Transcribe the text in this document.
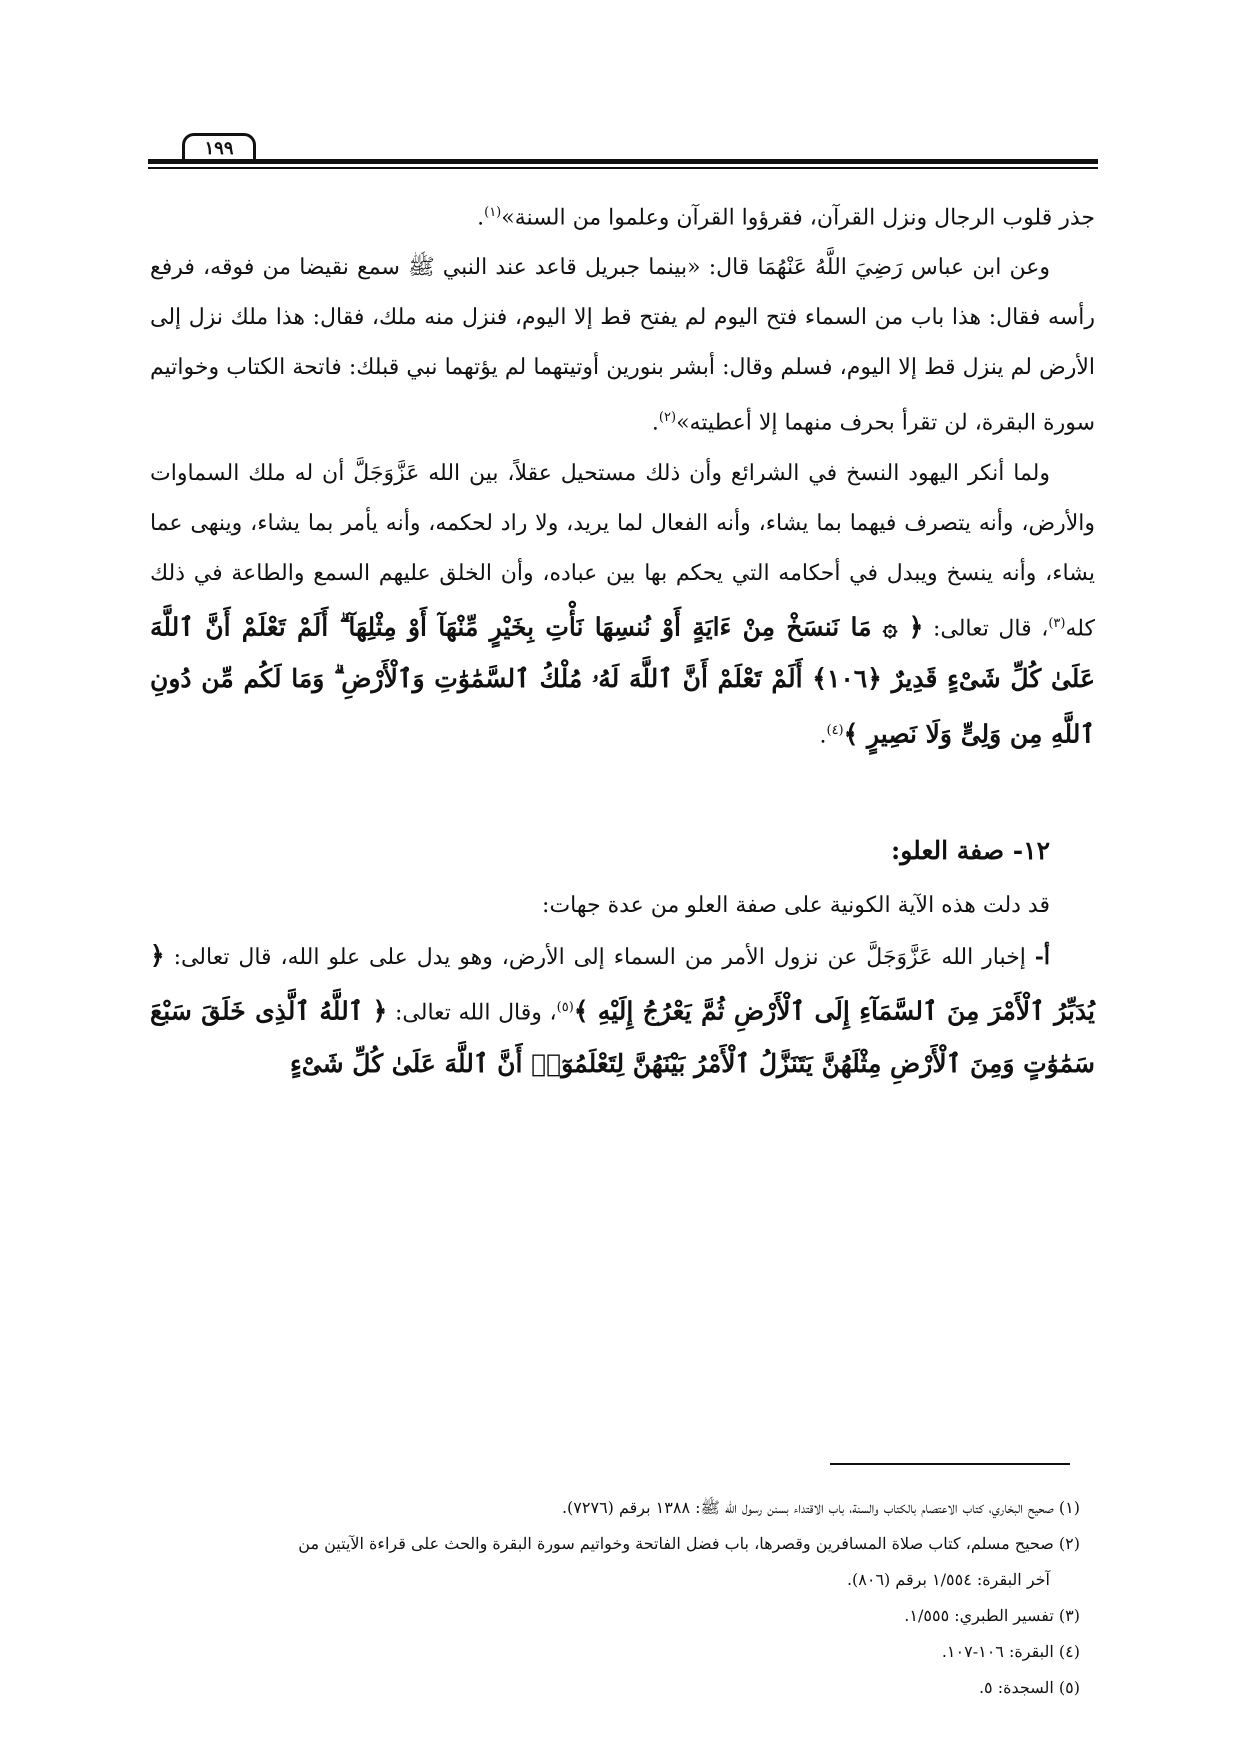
١٩٩

جذر قلوب الرجال ونزل القرآن، فقرؤوا القرآن وعلموا من السنة»$^{(١)}$.

وعن ابن عباس رَضِيَ اللَّهُ عَنْهُمَا قال: «بينما جبريل قاعد عند النبي ﷺ سمع نقيضا من فوقه، فرفع رأسه فقال: هذا باب من السماء فتح اليوم لم يفتح قط إلا اليوم، فنزل منه ملك، فقال: هذا ملك نزل إلى الأرض لم ينزل قط إلا اليوم، فسلم وقال: أبشر بنورين أوتيتهما لم يؤتهما نبي قبلك: فاتحة الكتاب وخواتيم سورة البقرة، لن تقرأ بحرف منهما إلا أعطيته»$^{(٢)}$.

ولما أنكر اليهود النسخ في الشرائع وأن ذلك مستحيل عقلاً، بين الله عَزَّوَجَلَّ أن له ملك السماوات والأرض، وأنه يتصرف فيهما بما يشاء، وأنه الفعال لما يريد، ولا راد لحكمه، وأنه يأمر بما يشاء، وينهى عما يشاء، وأنه ينسخ ويبدل في أحكامه التي يحكم بها بين عباده، وأن الخلق عليهم السمع والطاعة في ذلك كله$^{(٣)}$، قال تعالى: ﴿ ۞ مَا نَنسَخْ مِنْ ءَايَةٍ أَوْ نُنسِهَا نَأْتِ بِخَيْرٍ مِّنْهَآ أَوْ مِثْلِهَآ ۗ أَلَمْ تَعْلَمْ أَنَّ ٱللَّهَ عَلَىٰ كُلِّ شَىْءٍ قَدِيرٌ ﴿١٠٦﴾ أَلَمْ تَعْلَمْ أَنَّ ٱللَّهَ لَهُۥ مُلْكُ ٱلسَّمَٰوَٰتِ وَٱلْأَرْضِ ۗ وَمَا لَكُم مِّن دُونِ ٱللَّهِ مِن وَلِىٍّ وَلَا نَصِيرٍ ﴾$^{(٤)}$.

١٢- صفة العلو:

قد دلت هذه الآية الكونية على صفة العلو من عدة جهات:

أ- إخبار الله عَزَّوَجَلَّ عن نزول الأمر من السماء إلى الأرض، وهو يدل على علو الله، قال تعالى: ﴿ يُدَبِّرُ ٱلْأَمْرَ مِنَ ٱلسَّمَآءِ إِلَى ٱلْأَرْضِ ثُمَّ يَعْرُجُ إِلَيْهِ ﴾$^{(٥)}$، وقال الله تعالى: ﴿ ٱللَّهُ ٱلَّذِى خَلَقَ سَبْعَ سَمَٰوَٰتٍ وَمِنَ ٱلْأَرْضِ مِثْلَهُنَّ يَتَنَزَّلُ ٱلْأَمْرُ بَيْنَهُنَّ لِتَعْلَمُوٓا۟ أَنَّ ٱللَّهَ عَلَىٰ كُلِّ شَىْءٍ

(١) صحيح البخاري، كتاب الاعتصام بالكتاب والسنة، باب الاقتداء بسنن رسول الله ﷺ: ١٣٨٨ برقم (٧٢٧٦).
(٢) صحيح مسلم، كتاب صلاة المسافرين وقصرها، باب فضل الفاتحة وخواتيم سورة البقرة والحث على قراءة الآيتين من
آخر البقرة: ١/٥٥٤ برقم (٨٠٦).
(٣) تفسير الطبري: ١/٥٥٥.
(٤) البقرة: ١٠٦-١٠٧.
(٥) السجدة: ٥.
